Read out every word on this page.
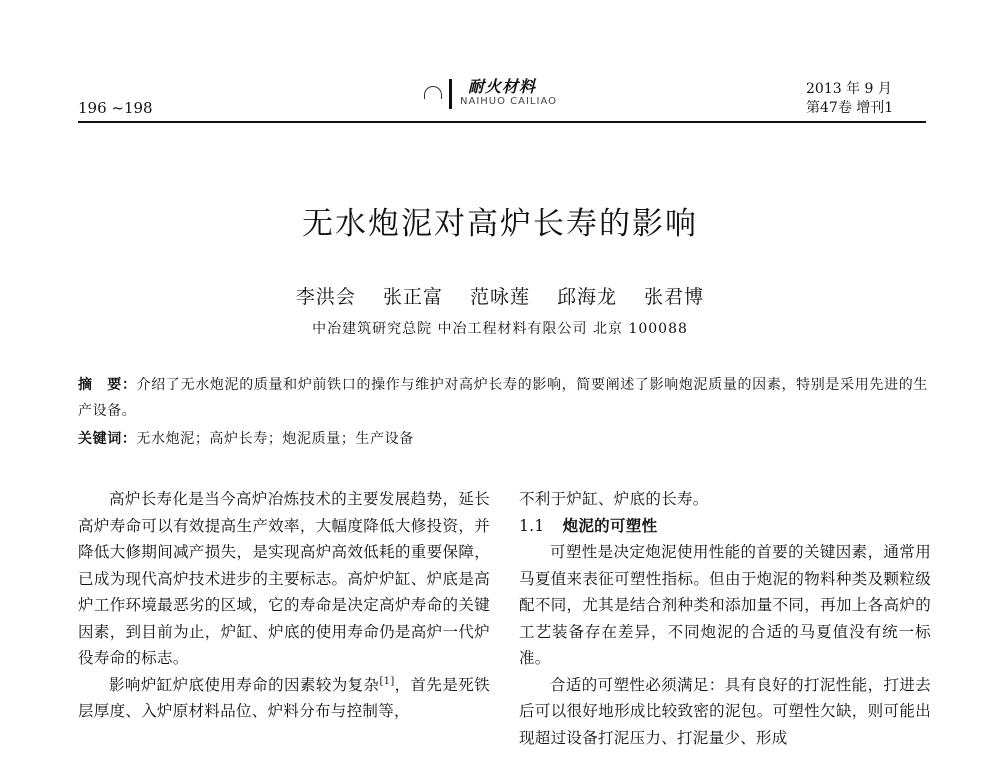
196 ~198
耐火材料
NAIHUO CAILIAO
2013 年 9 月
第47卷 增刊1
无水炮泥对高炉长寿的影响
李洪会 张正富 范咏莲 邱海龙 张君博
中冶建筑研究总院 中冶工程材料有限公司 北京 100088
摘　要：介绍了无水炮泥的质量和炉前铁口的操作与维护对高炉长寿的影响，简要阐述了影响炮泥质量的因素，特别是采用先进的生产设备。
关键词：无水炮泥；高炉长寿；炮泥质量；生产设备

高炉长寿化是当今高炉冶炼技术的主要发展趋势，延长高炉寿命可以有效提高生产效率，大幅度降低大修投资，并降低大修期间减产损失，是实现高炉高效低耗的重要保障，已成为现代高炉技术进步的主要标志。高炉炉缸、炉底是高炉工作环境最恶劣的区域，它的寿命是决定高炉寿命的关键因素，到目前为止，炉缸、炉底的使用寿命仍是高炉一代炉役寿命的标志。

影响炉缸炉底使用寿命的因素较为复杂[1]，首先是死铁层厚度、入炉原材料品位、炉料分布与控制等，

不利于炉缸、炉底的长寿。

1.1 炮泥的可塑性

可塑性是决定炮泥使用性能的首要的关键因素，通常用马夏值来表征可塑性指标。但由于炮泥的物料种类及颗粒级配不同，尤其是结合剂种类和添加量不同，再加上各高炉的工艺装备存在差异，不同炮泥的合适的马夏值没有统一标准。

合适的可塑性必须满足：具有良好的打泥性能，打进去后可以很好地形成比较致密的泥包。可塑性欠缺，则可能出现超过设备打泥压力、打泥量少、形成
